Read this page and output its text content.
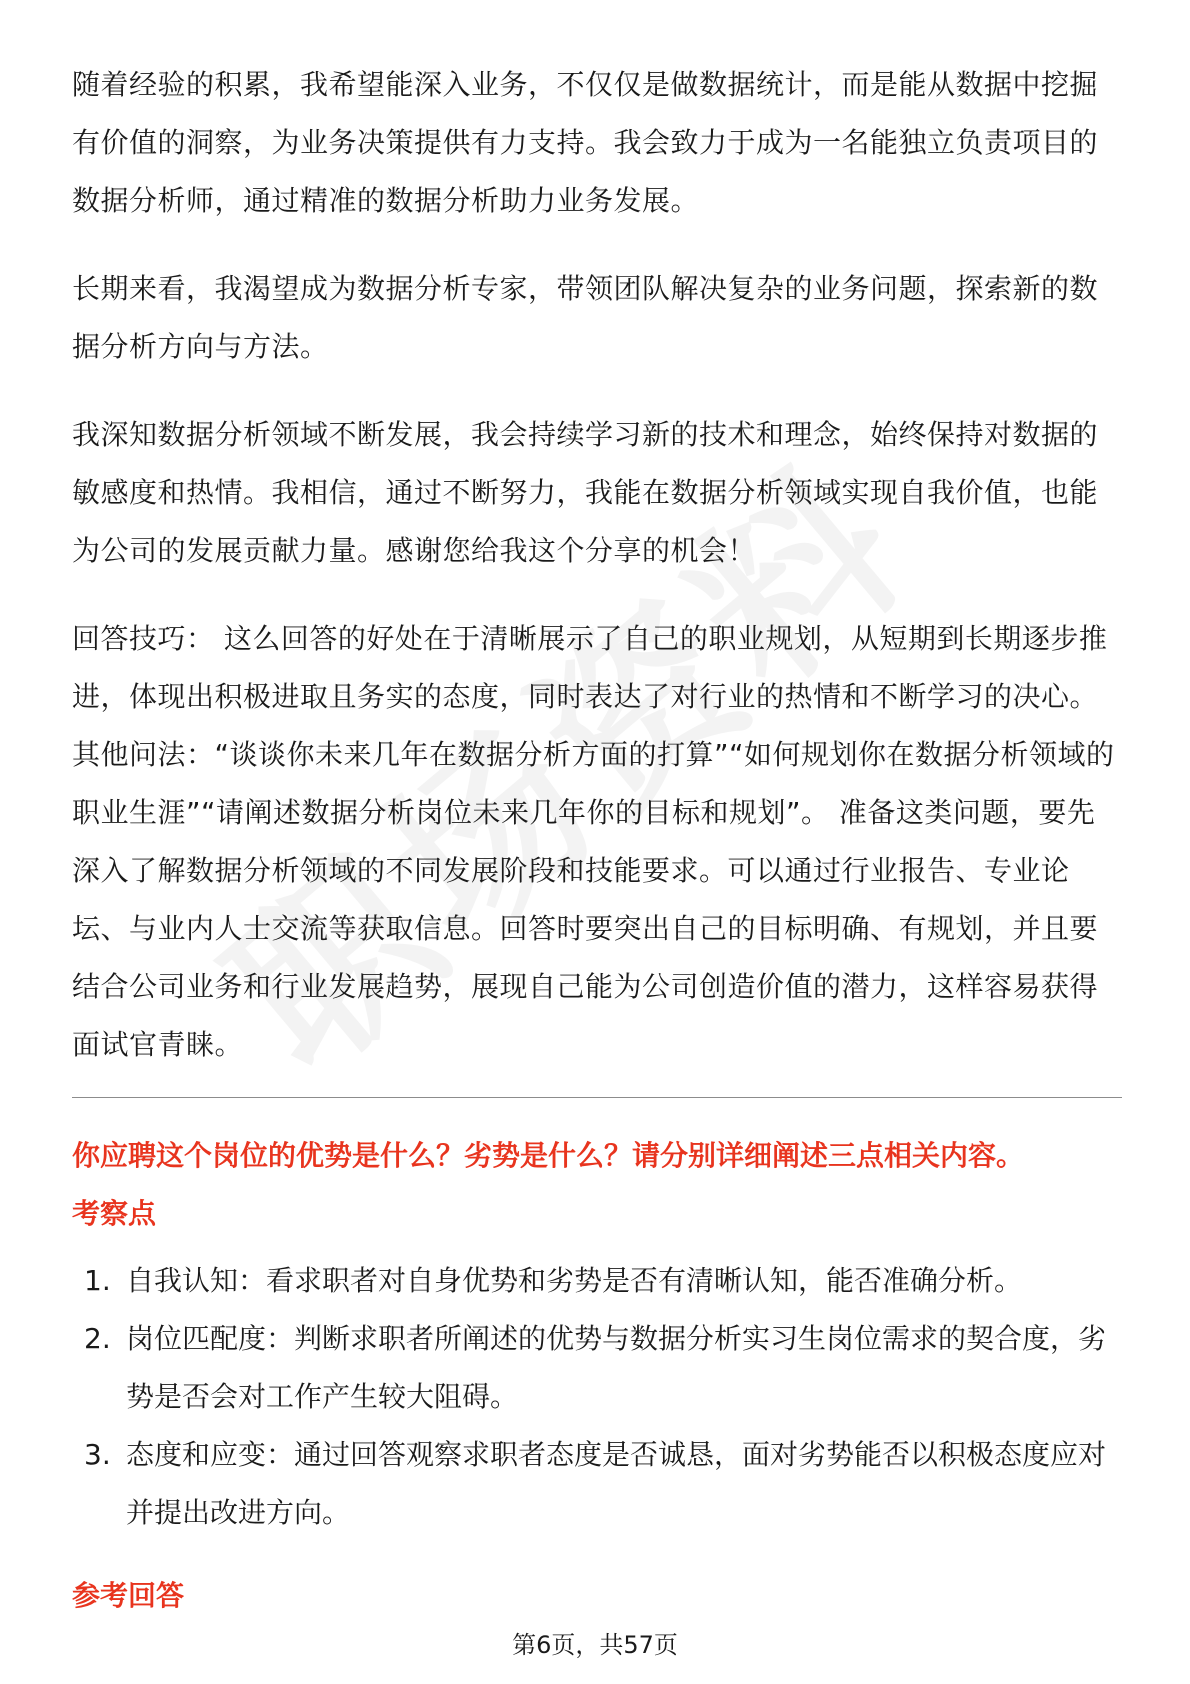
随着经验的积累，我希望能深入业务，不仅仅是做数据统计，而是能从数据中挖掘有价值的洞察，为业务决策提供有力支持。我会致力于成为一名能独立负责项目的数据分析师，通过精准的数据分析助力业务发展。

长期来看，我渴望成为数据分析专家，带领团队解决复杂的业务问题，探索新的数据分析方向与方法。

我深知数据分析领域不断发展，我会持续学习新的技术和理念，始终保持对数据的敏感度和热情。我相信，通过不断努力，我能在数据分析领域实现自我价值，也能为公司的发展贡献力量。感谢您给我这个分享的机会！

回答技巧： 这么回答的好处在于清晰展示了自己的职业规划，从短期到长期逐步推进，体现出积极进取且务实的态度，同时表达了对行业的热情和不断学习的决心。其他问法：“谈谈你未来几年在数据分析方面的打算”“如何规划你在数据分析领域的职业生涯”“请阐述数据分析岗位未来几年你的目标和规划”。 准备这类问题，要先深入了解数据分析领域的不同发展阶段和技能要求。可以通过行业报告、专业论坛、与业内人士交流等获取信息。回答时要突出自己的目标明确、有规划，并且要结合公司业务和行业发展趋势，展现自己能为公司创造价值的潜力，这样容易获得面试官青睐。

你应聘这个岗位的优势是什么？劣势是什么？请分别详细阐述三点相关内容。
考察点
1. 自我认知：看求职者对自身优势和劣势是否有清晰认知，能否准确分析。
2. 岗位匹配度：判断求职者所阐述的优势与数据分析实习生岗位需求的契合度，劣势是否会对工作产生较大阻碍。
3. 态度和应变：通过回答观察求职者态度是否诚恳，面对劣势能否以积极态度应对并提出改进方向。
参考回答
第6页，共57页
